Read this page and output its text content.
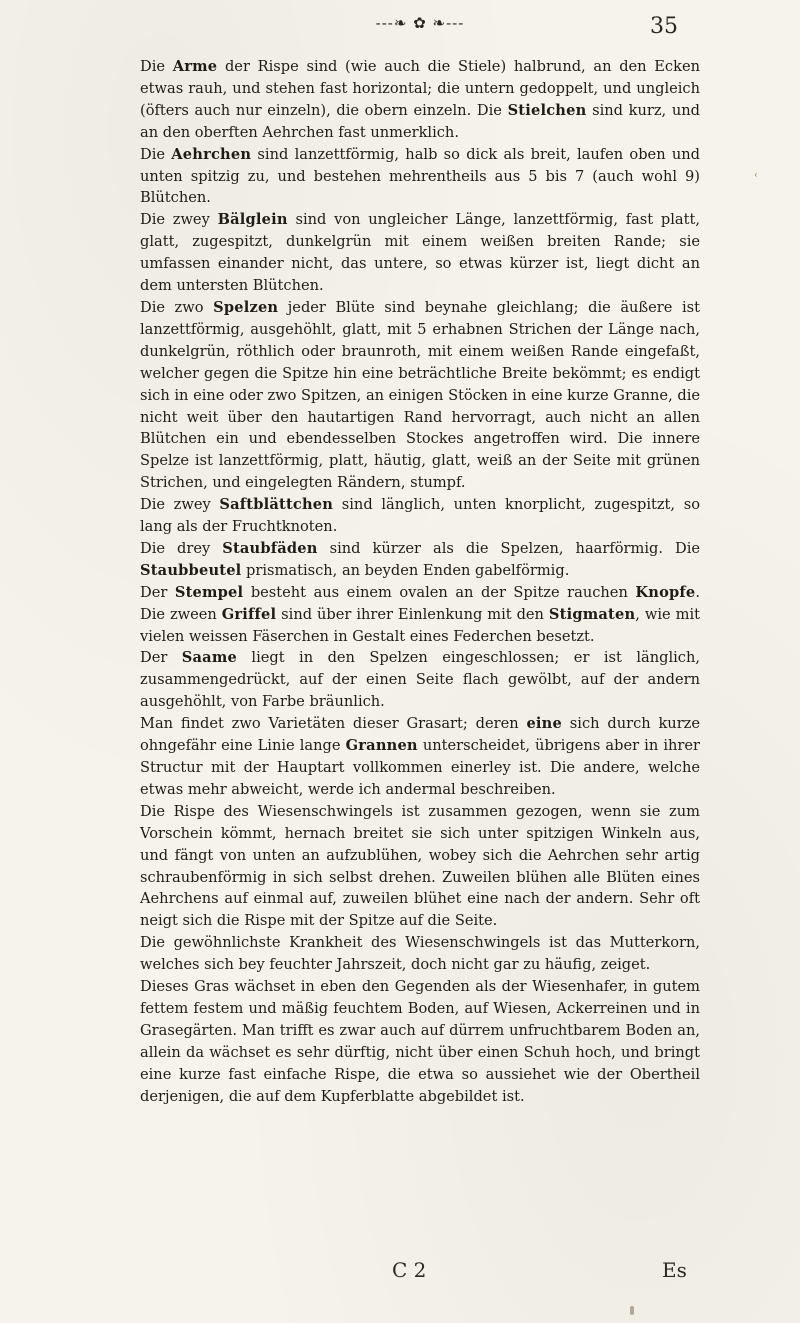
---❧ ✿ ❧---	35

Die Arme der Rispe sind (wie auch die Stiele) halbrund, an den Ecken etwas rauh, und stehen fast horizontal; die untern gedoppelt, und ungleich (öfters auch nur einzeln), die obern einzeln. Die Stielchen sind kurz, und an den oberften Aehrchen fast unmerklich.

Die Aehrchen sind lanzettförmig, halb so dick als breit, laufen oben und unten spitzig zu, und bestehen mehrentheils aus 5 bis 7 (auch wohl 9) Blütchen.

Die zwey Bälglein sind von ungleicher Länge, lanzettförmig, fast platt, glatt, zugespitzt, dunkelgrün mit einem weißen breiten Rande; sie umfassen einander nicht, das untere, so etwas kürzer ist, liegt dicht an dem untersten Blütchen.

Die zwo Spelzen jeder Blüte sind beynahe gleichlang; die äußere ist lanzettförmig, ausgehöhlt, glatt, mit 5 erhabnen Strichen der Länge nach, dunkelgrün, röthlich oder braunroth, mit einem weißen Rande eingefaßt, welcher gegen die Spitze hin eine beträchtliche Breite bekömmt; es endigt sich in eine oder zwo Spitzen, an einigen Stöcken in eine kurze Granne, die nicht weit über den hautartigen Rand hervorragt, auch nicht an allen Blütchen ein und ebendesselben Stockes angetroffen wird. Die innere Spelze ist lanzettförmig, platt, häutig, glatt, weiß an der Seite mit grünen Strichen, und eingelegten Rändern, stumpf.

Die zwey Saftblättchen sind länglich, unten knorplicht, zugespitzt, so lang als der Fruchtknoten.

Die drey Staubfäden sind kürzer als die Spelzen, haarförmig. Die Staubbeutel prismatisch, an beyden Enden gabelförmig.

Der Stempel besteht aus einem ovalen an der Spitze rauchen Knopfe. Die zween Griffel sind über ihrer Einlenkung mit den Stigmaten, wie mit vielen weissen Fäserchen in Gestalt eines Federchen besetzt.

Der Saame liegt in den Spelzen eingeschlossen; er ist länglich, zusammengedrückt, auf der einen Seite flach gewölbt, auf der andern ausgehöhlt, von Farbe bräunlich.

Man findet zwo Varietäten dieser Grasart; deren eine sich durch kurze ohngefähr eine Linie lange Grannen unterscheidet, übrigens aber in ihrer Structur mit der Hauptart vollkommen einerley ist. Die andere, welche etwas mehr abweicht, werde ich andermal beschreiben.

Die Rispe des Wiesenschwingels ist zusammen gezogen, wenn sie zum Vorschein kömmt, hernach breitet sie sich unter spitzigen Winkeln aus, und fängt von unten an aufzublühen, wobey sich die Aehrchen sehr artig schraubenförmig in sich selbst drehen. Zuweilen blühen alle Blüten eines Aehrchens auf einmal auf, zuweilen blühet eine nach der andern. Sehr oft neigt sich die Rispe mit der Spitze auf die Seite.

Die gewöhnlichste Krankheit des Wiesenschwingels ist das Mutterkorn, welches sich bey feuchter Jahrszeit, doch nicht gar zu häufig, zeiget.

Dieses Gras wächset in eben den Gegenden als der Wiesenhafer, in gutem fettem festem und mäßig feuchtem Boden, auf Wiesen, Ackerreinen und in Grasegärten. Man trifft es zwar auch auf dürrem unfruchtbarem Boden an, allein da wächset es sehr dürftig, nicht über einen Schuh hoch, und bringt eine kurze fast einfache Rispe, die etwa so aussiehet wie der Obertheil derjenigen, die auf dem Kupferblatte abgebildet ist.

‹
C 2	Es
